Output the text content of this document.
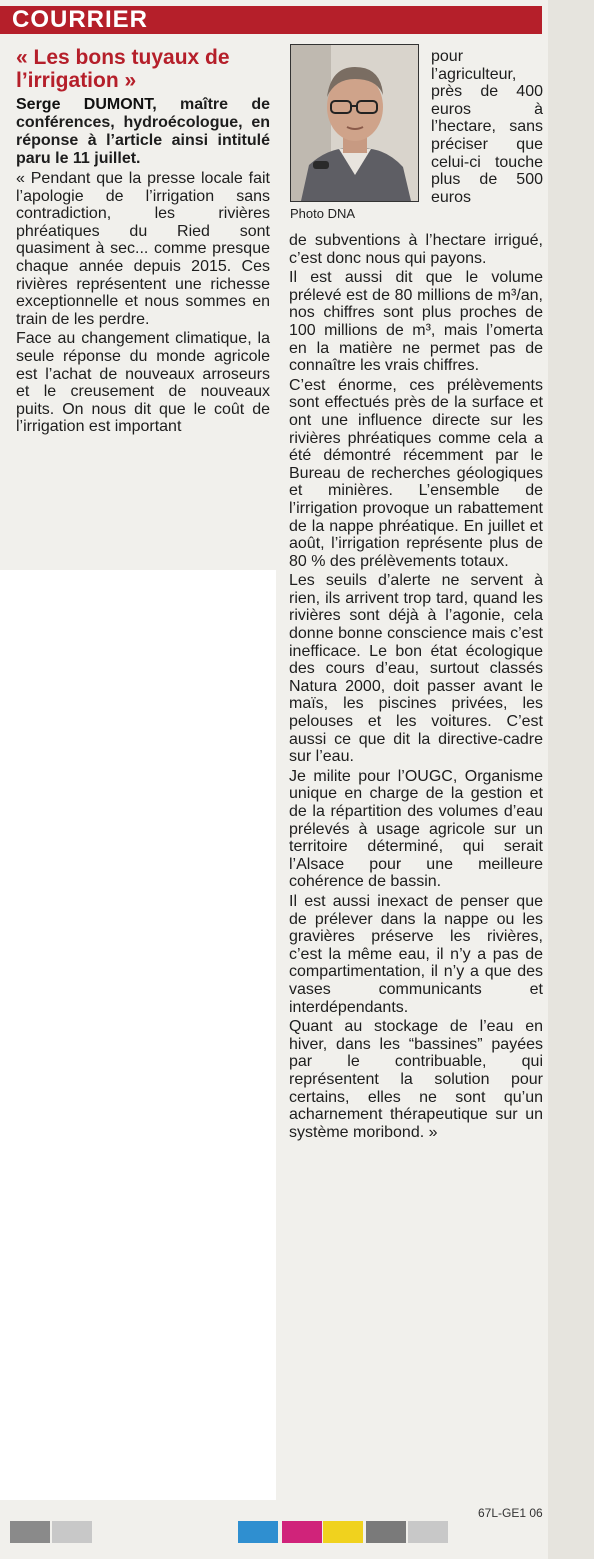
COURRIER
« Les bons tuyaux de l’irrigation »

Serge DUMONT, maître de conférences, hydroécologue, en réponse à l’article ainsi intitulé paru le 11 juillet.

« Pendant que la presse locale fait l’apologie de l’irrigation sans contradiction, les rivières phréatiques du Ried sont quasiment à sec... comme presque chaque année depuis 2015. Ces rivières représentent une richesse exceptionnelle et nous sommes en train de les perdre.

Face au changement climatique, la seule réponse du monde agricole est l’achat de nouveaux arroseurs et le creusement de nouveaux puits. On nous dit que le coût de l’irrigation est important

Photo DNA

pour l’agriculteur, près de 400 euros à l’hectare, sans préciser que celui-ci touche plus de 500 euros

de subventions à l’hectare irrigué, c’est donc nous qui payons.

Il est aussi dit que le volume prélevé est de 80 millions de m³/an, nos chiffres sont plus proches de 100 millions de m³, mais l’omerta en la matière ne permet pas de connaître les vrais chiffres.

C’est énorme, ces prélèvements sont effectués près de la surface et ont une influence directe sur les rivières phréatiques comme cela a été démontré récemment par le Bureau de recherches géologiques et minières. L’ensemble de l’irrigation provoque un rabattement de la nappe phréatique. En juillet et août, l’irrigation représente plus de 80 % des prélèvements totaux.

Les seuils d’alerte ne servent à rien, ils arrivent trop tard, quand les rivières sont déjà à l’agonie, cela donne bonne conscience mais c’est inefficace. Le bon état écologique des cours d’eau, surtout classés Natura 2000, doit passer avant le maïs, les piscines privées, les pelouses et les voitures. C’est aussi ce que dit la directive-cadre sur l’eau.

Je milite pour l’OUGC, Organisme unique en charge de la gestion et de la répartition des volumes d’eau prélevés à usage agricole sur un territoire déterminé, qui serait l’Alsace pour une meilleure cohérence de bassin.

Il est aussi inexact de penser que de prélever dans la nappe ou les gravières préserve les rivières, c’est la même eau, il n’y a pas de compartimentation, il n’y a que des vases communicants et interdépendants.

Quant au stockage de l’eau en hiver, dans les “bassines” payées par le contribuable, qui représentent la solution pour certains, elles ne sont qu’un acharnement thérapeutique sur un système moribond. »

67L-GE1 06
